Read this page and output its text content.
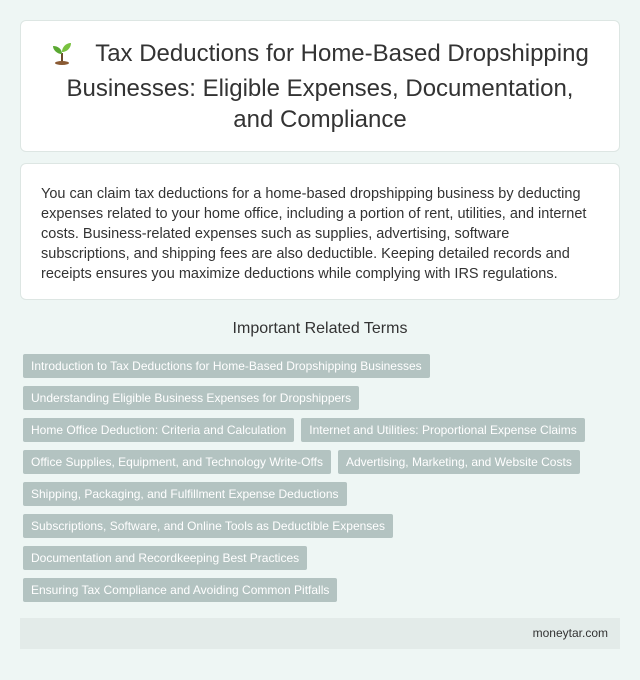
Tax Deductions for Home-Based Dropshipping Businesses: Eligible Expenses, Documentation, and Compliance

You can claim tax deductions for a home-based dropshipping business by deducting expenses related to your home office, including a portion of rent, utilities, and internet costs. Business-related expenses such as supplies, advertising, software subscriptions, and shipping fees are also deductible. Keeping detailed records and receipts ensures you maximize deductions while complying with IRS regulations.

Important Related Terms
Introduction to Tax Deductions for Home-Based Dropshipping Businesses
Understanding Eligible Business Expenses for Dropshippers
Home Office Deduction: Criteria and Calculation	Internet and Utilities: Proportional Expense Claims
Office Supplies, Equipment, and Technology Write-Offs	Advertising, Marketing, and Website Costs
Shipping, Packaging, and Fulfillment Expense Deductions
Subscriptions, Software, and Online Tools as Deductible Expenses
Documentation and Recordkeeping Best Practices
Ensuring Tax Compliance and Avoiding Common Pitfalls
moneytar.com
